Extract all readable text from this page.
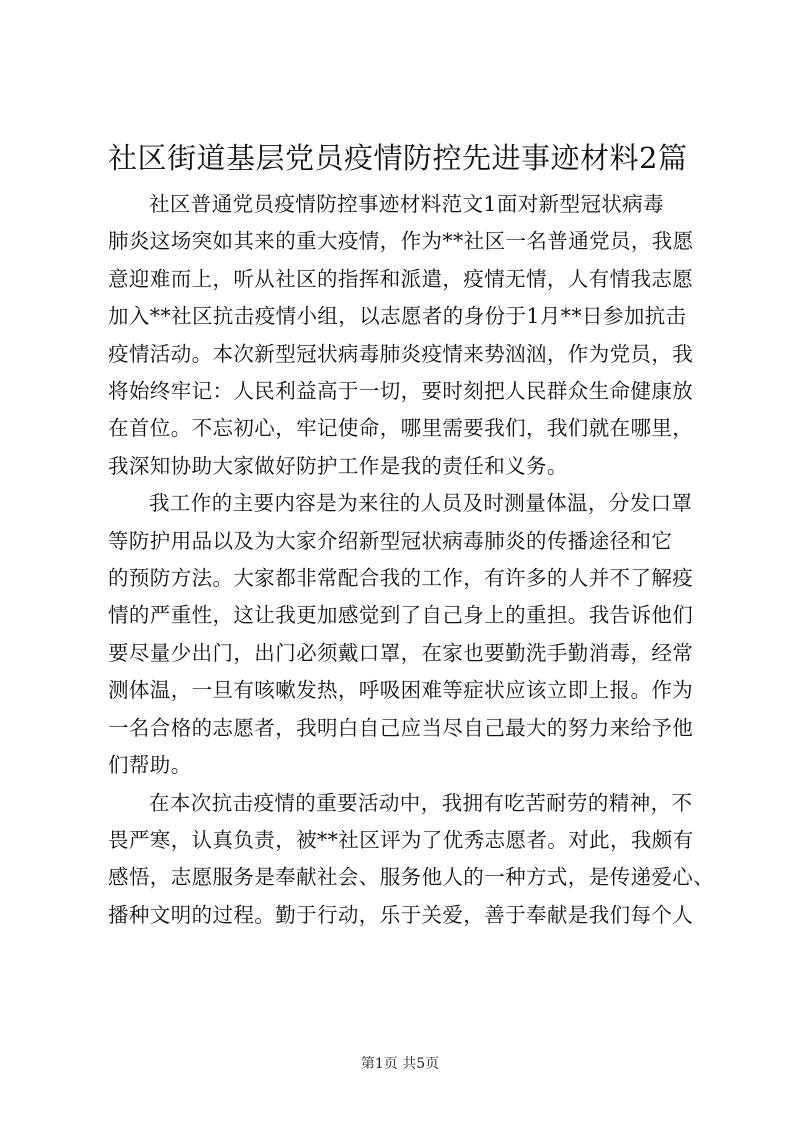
社区街道基层党员疫情防控先进事迹材料2篇

社区普通党员疫情防控事迹材料范文1面对新型冠状病毒
肺炎这场突如其来的重大疫情，作为**社区一名普通党员，我愿
意迎难而上，听从社区的指挥和派遣，疫情无情，人有情我志愿
加入**社区抗击疫情小组，以志愿者的身份于1月**日参加抗击
疫情活动。本次新型冠状病毒肺炎疫情来势汹汹，作为党员，我
将始终牢记：人民利益高于一切，要时刻把人民群众生命健康放
在首位。不忘初心，牢记使命，哪里需要我们，我们就在哪里，
我深知协助大家做好防护工作是我的责任和义务。

我工作的主要内容是为来往的人员及时测量体温，分发口罩
等防护用品以及为大家介绍新型冠状病毒肺炎的传播途径和它
的预防方法。大家都非常配合我的工作，有许多的人并不了解疫
情的严重性，这让我更加感觉到了自己身上的重担。我告诉他们
要尽量少出门，出门必须戴口罩，在家也要勤洗手勤消毒，经常
测体温，一旦有咳嗽发热，呼吸困难等症状应该立即上报。作为
一名合格的志愿者，我明白自己应当尽自己最大的努力来给予他
们帮助。

在本次抗击疫情的重要活动中，我拥有吃苦耐劳的精神，不
畏严寒，认真负责，被**社区评为了优秀志愿者。对此，我颇有
感悟，志愿服务是奉献社会、服务他人的一种方式，是传递爱心、
播种文明的过程。勤于行动，乐于关爱，善于奉献是我们每个人

第1页 共5页
